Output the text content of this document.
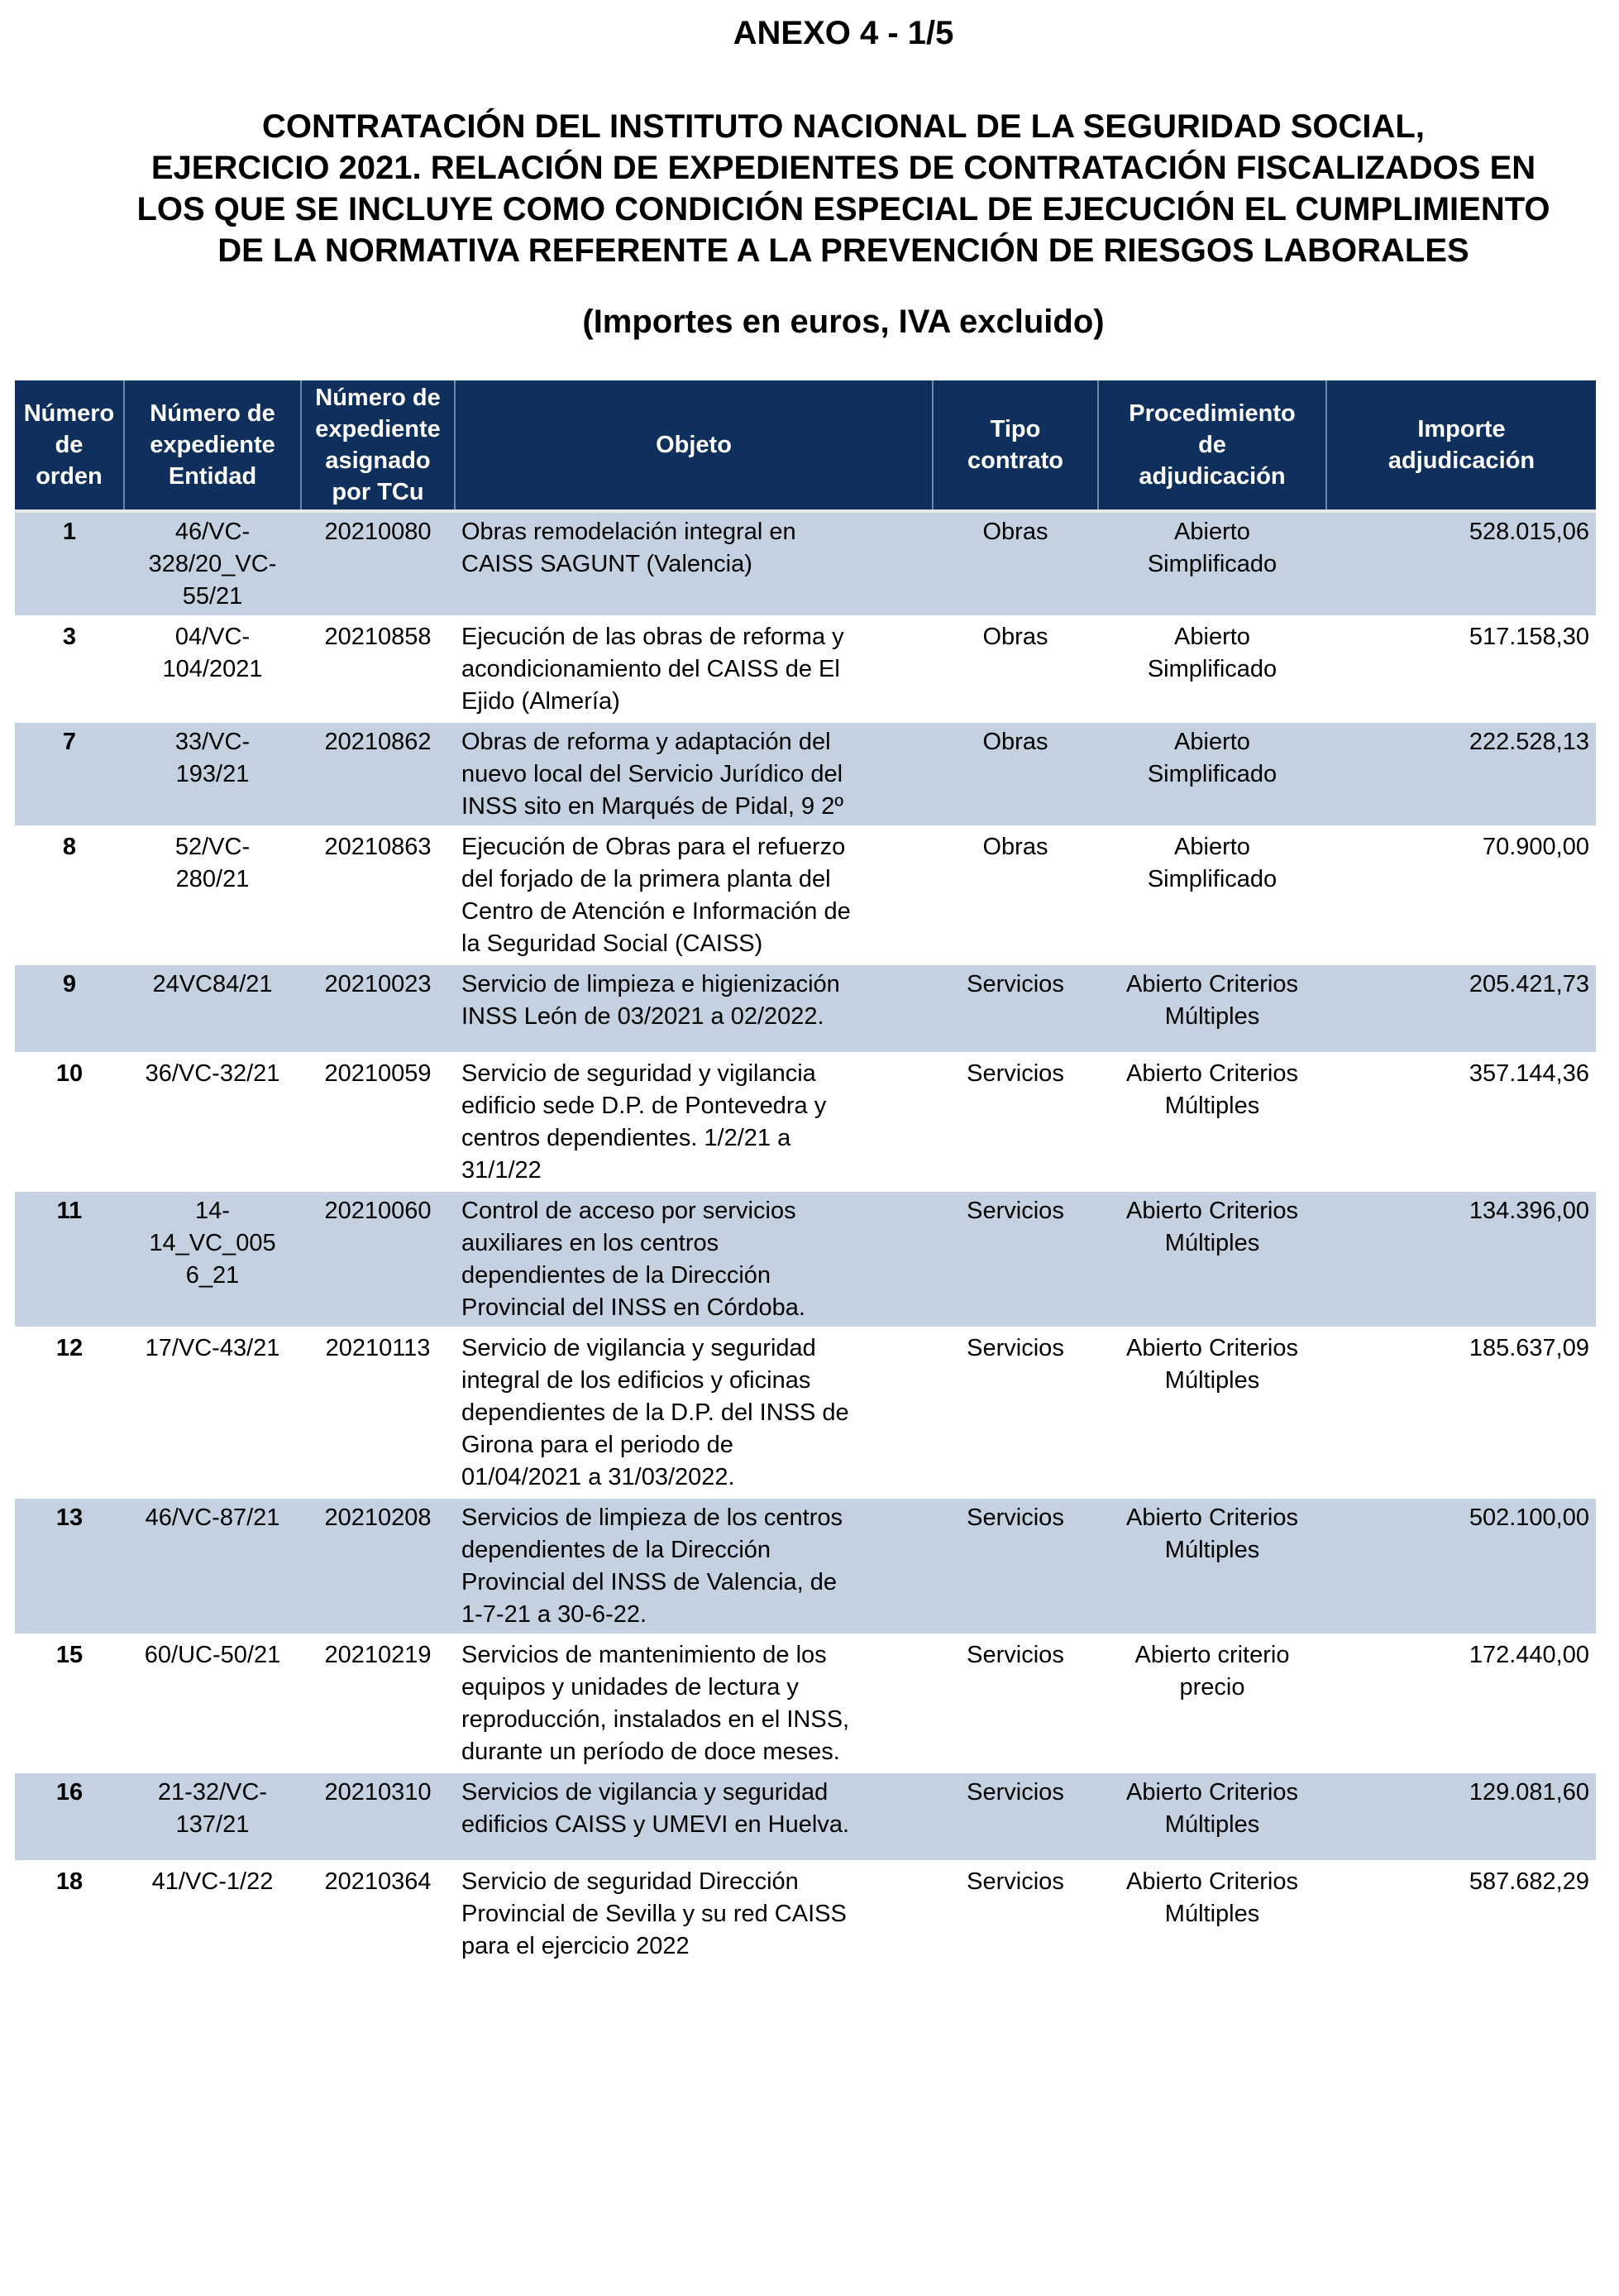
ANEXO 4 - 1/5
CONTRATACIÓN DEL INSTITUTO NACIONAL DE LA SEGURIDAD SOCIAL,
EJERCICIO 2021. RELACIÓN DE EXPEDIENTES DE CONTRATACIÓN FISCALIZADOS EN
LOS QUE SE INCLUYE COMO CONDICIÓN ESPECIAL DE EJECUCIÓN EL CUMPLIMIENTO
DE LA NORMATIVA REFERENTE A LA PREVENCIÓN DE RIESGOS LABORALES
(Importes en euros, IVA excluido)
Número
de
orden	Número de
expediente
Entidad	Número de
expediente
asignado
por TCu	Objeto	Tipo
contrato	Procedimiento
de
adjudicación	Importe
adjudicación
1	46/VC-
328/20_VC-
55/21	20210080	Obras remodelación integral en
CAISS SAGUNT (Valencia)	Obras	Abierto
Simplificado	528.015,06
3	04/VC-
104/2021	20210858	Ejecución de las obras de reforma y
acondicionamiento del CAISS de El
Ejido (Almería)	Obras	Abierto
Simplificado	517.158,30
7	33/VC-
193/21	20210862	Obras de reforma y adaptación del
nuevo local del Servicio Jurídico del
INSS sito en Marqués de Pidal, 9 2º	Obras	Abierto
Simplificado	222.528,13
8	52/VC-
280/21	20210863	Ejecución de Obras para el refuerzo
del forjado de la primera planta del
Centro de Atención e Información de
la Seguridad Social (CAISS)	Obras	Abierto
Simplificado	70.900,00
9	24VC84/21	20210023	Servicio de limpieza e higienización
INSS León de 03/2021 a 02/2022.	Servicios	Abierto Criterios
Múltiples	205.421,73
10	36/VC-32/21	20210059	Servicio de seguridad y vigilancia
edificio sede D.P. de Pontevedra y
centros dependientes. 1/2/21 a
31/1/22	Servicios	Abierto Criterios
Múltiples	357.144,36
11	14-
14_VC_005
6_21	20210060	Control de acceso por servicios
auxiliares en los centros
dependientes de la Dirección
Provincial del INSS en Córdoba.	Servicios	Abierto Criterios
Múltiples	134.396,00
12	17/VC-43/21	20210113	Servicio de vigilancia y seguridad
integral de los edificios y oficinas
dependientes de la D.P. del INSS de
Girona para el periodo de
01/04/2021 a 31/03/2022.	Servicios	Abierto Criterios
Múltiples	185.637,09
13	46/VC-87/21	20210208	Servicios de limpieza de los centros
dependientes de la Dirección
Provincial del INSS de Valencia, de
1-7-21 a 30-6-22.	Servicios	Abierto Criterios
Múltiples	502.100,00
15	60/UC-50/21	20210219	Servicios de mantenimiento de los
equipos y unidades de lectura y
reproducción, instalados en el INSS,
durante un período de doce meses.	Servicios	Abierto criterio
precio	172.440,00
16	21-32/VC-
137/21	20210310	Servicios de vigilancia y seguridad
edificios CAISS y UMEVI en Huelva.	Servicios	Abierto Criterios
Múltiples	129.081,60
18	41/VC-1/22	20210364	Servicio de seguridad Dirección
Provincial de Sevilla y su red CAISS
para el ejercicio 2022	Servicios	Abierto Criterios
Múltiples	587.682,29
